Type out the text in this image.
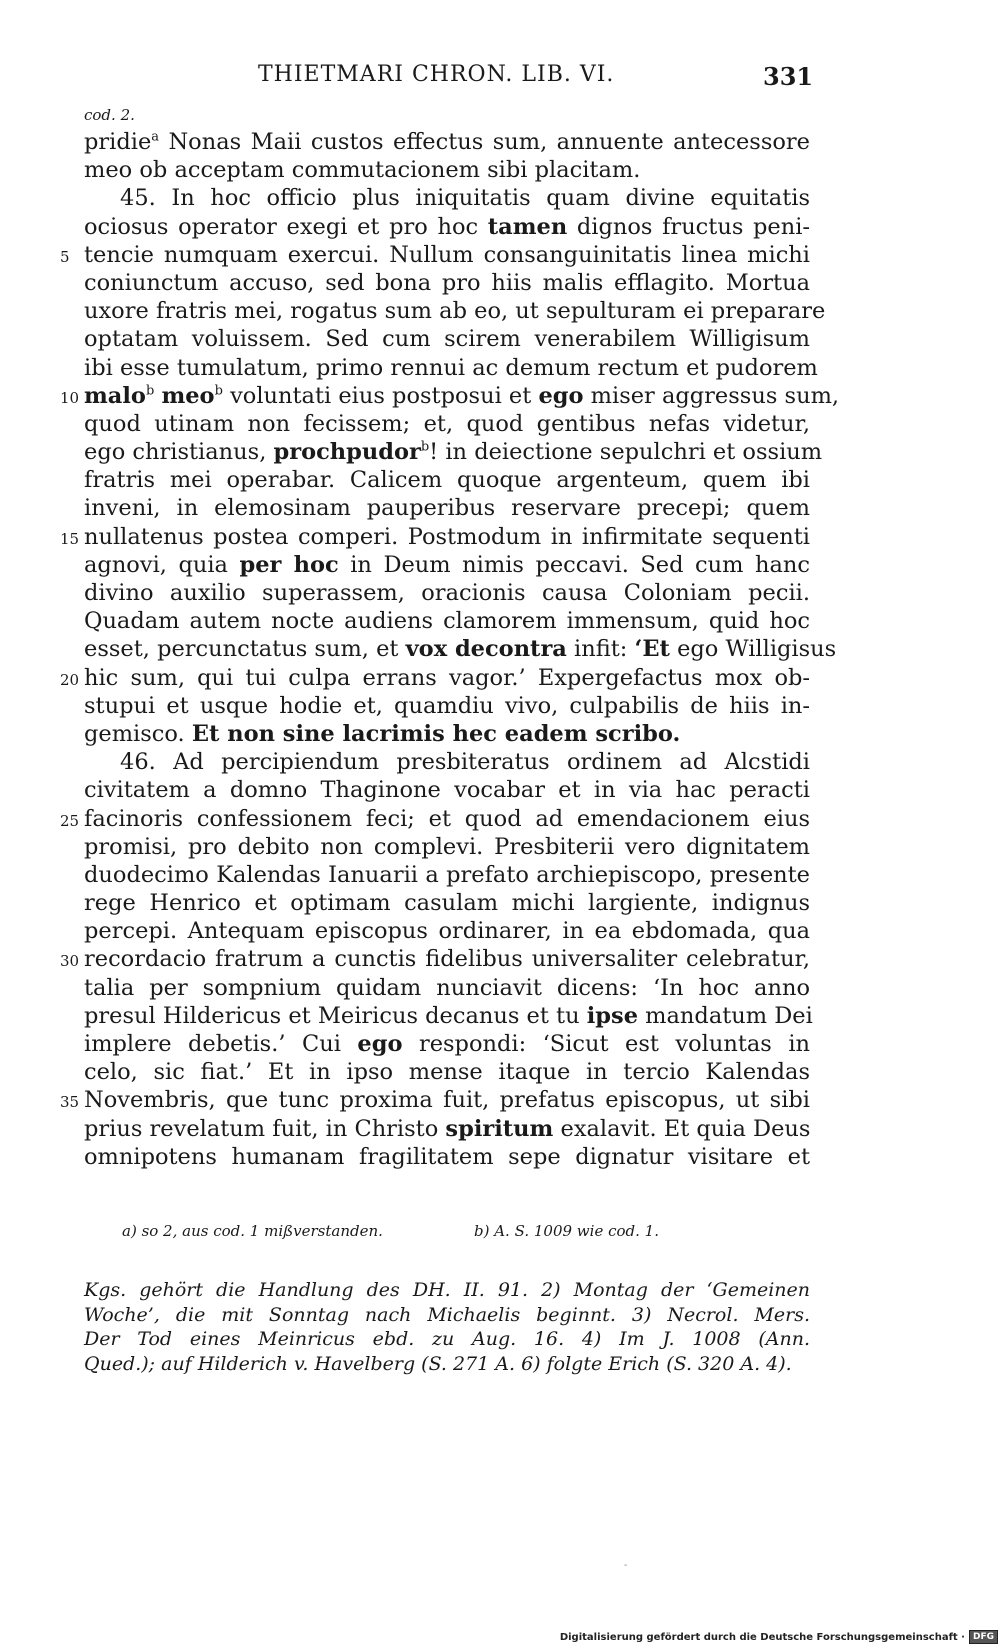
THIETMARI CHRON. LIB. VI.	331
cod. 2.
pridie$^a$ Nonas Maii custos effectus sum, annuente antecessore
meo ob acceptam commutacionem sibi placitam.
45. In hoc officio plus iniquitatis quam divine equitatis
ociosus operator exegi et pro hoc tamen dignos fructus peni-
5 tencie numquam exercui. Nullum consanguinitatis linea michi
coniunctum accuso, sed bona pro hiis malis efflagito. Mortua
uxore fratris mei, rogatus sum ab eo, ut sepulturam ei preparare
optatam voluissem. Sed cum scirem venerabilem Willigisum
ibi esse tumulatum, primo rennui ac demum rectum et pudorem
10 malo$^b$ meo$^b$ voluntati eius postposui et ego miser aggressus sum,
quod utinam non fecissem; et, quod gentibus nefas videtur,
ego christianus, prochpudor$^b$! in deiectione sepulchri et ossium
fratris mei operabar. Calicem quoque argenteum, quem ibi
inveni, in elemosinam pauperibus reservare precepi; quem
15 nullatenus postea comperi. Postmodum in infirmitate sequenti
agnovi, quia per hoc in Deum nimis peccavi. Sed cum hanc
divino auxilio superassem, oracionis causa Coloniam pecii.
Quadam autem nocte audiens clamorem immensum, quid hoc
esset, percunctatus sum, et vox decontra infit: ‘Et ego Willigisus
20 hic sum, qui tui culpa errans vagor.’ Expergefactus mox ob-
stupui et usque hodie et, quamdiu vivo, culpabilis de hiis in-
gemisco. Et non sine lacrimis hec eadem scribo.
46. Ad percipiendum presbiteratus ordinem ad Alcstidi
civitatem a domno Thaginone vocabar et in via hac peracti
25 facinoris confessionem feci; et quod ad emendacionem eius
promisi, pro debito non complevi. Presbiterii vero dignitatem
duodecimo Kalendas Ianuarii a prefato archiepiscopo, presente
rege Henrico et optimam casulam michi largiente, indignus
percepi. Antequam episcopus ordinarer, in ea ebdomada, qua
30 recordacio fratrum a cunctis fidelibus universaliter celebratur,
talia per sompnium quidam nunciavit dicens: ‘In hoc anno
presul Hildericus et Meiricus decanus et tu ipse mandatum Dei
implere debetis.’ Cui ego respondi: ‘Sicut est voluntas in
celo, sic fiat.’ Et in ipso mense itaque in tercio Kalendas
35 Novembris, que tunc proxima fuit, prefatus episcopus, ut sibi
prius revelatum fuit, in Christo spiritum exalavit. Et quia Deus
omnipotens humanam fragilitatem sepe dignatur visitare et
a) so 2, aus cod. 1 mißverstanden.	b) A. S. 1009 wie cod. 1.
Kgs. gehört die Handlung des DH. II. 91. 2) Montag der ‘Gemeinen
Woche’, die mit Sonntag nach Michaelis beginnt. 3) Necrol. Mers.
Der Tod eines Meinricus ebd. zu Aug. 16. 4) Im J. 1008 (Ann.
Qued.); auf Hilderich v. Havelberg (S. 271 A. 6) folgte Erich (S. 320 A. 4).
-
Digitalisierung gefördert durch die Deutsche Forschungsgemeinschaft · DFG
